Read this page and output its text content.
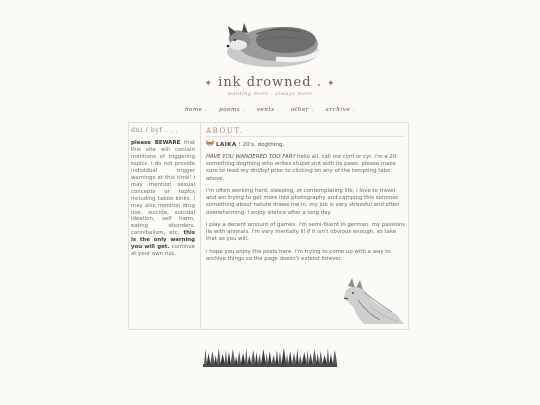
✦ ink drowned . ✦
wanting more , always more
home . poems . vents . other . archive .
dni / byf . . .
please BEWARE that this site will contain mentions of triggering topics. i do not provide individual trigger warnings at this time! i may mention sexual concepts or topics including taboo kinks. i may also mention drug use, suicide, suicidal ideation, self harm, eating disorders, cannibalism, etc. this is the only warning you will get. continue at your own risk.
ABOUT.
LAIKA ! 20's. dogthing.

HAVE YOU WANDERED TOO FAR? hello all. call me cyril or cyr. i'm a 20-something dogthing who writes stupid shit with its paws. please make sure to read my dni/byf prior to clicking on any of the tempting tabs above.

i'm often working hard, sleeping, or contemplating life. i love to travel and am trying to get more into photography and camping this summer. something about nature draws me in. my job is very stressful and often overwhelming. i enjoy silence after a long day.

i play a decent amount of games. i'm semi-fluent in german. my passions lie with animals. i'm very mentally ill if it isn't obvious enough, so take that as you will.

i hope you enjoy the posts here. i'm trying to come up with a way to archive things so the page doesn't extend forever.
